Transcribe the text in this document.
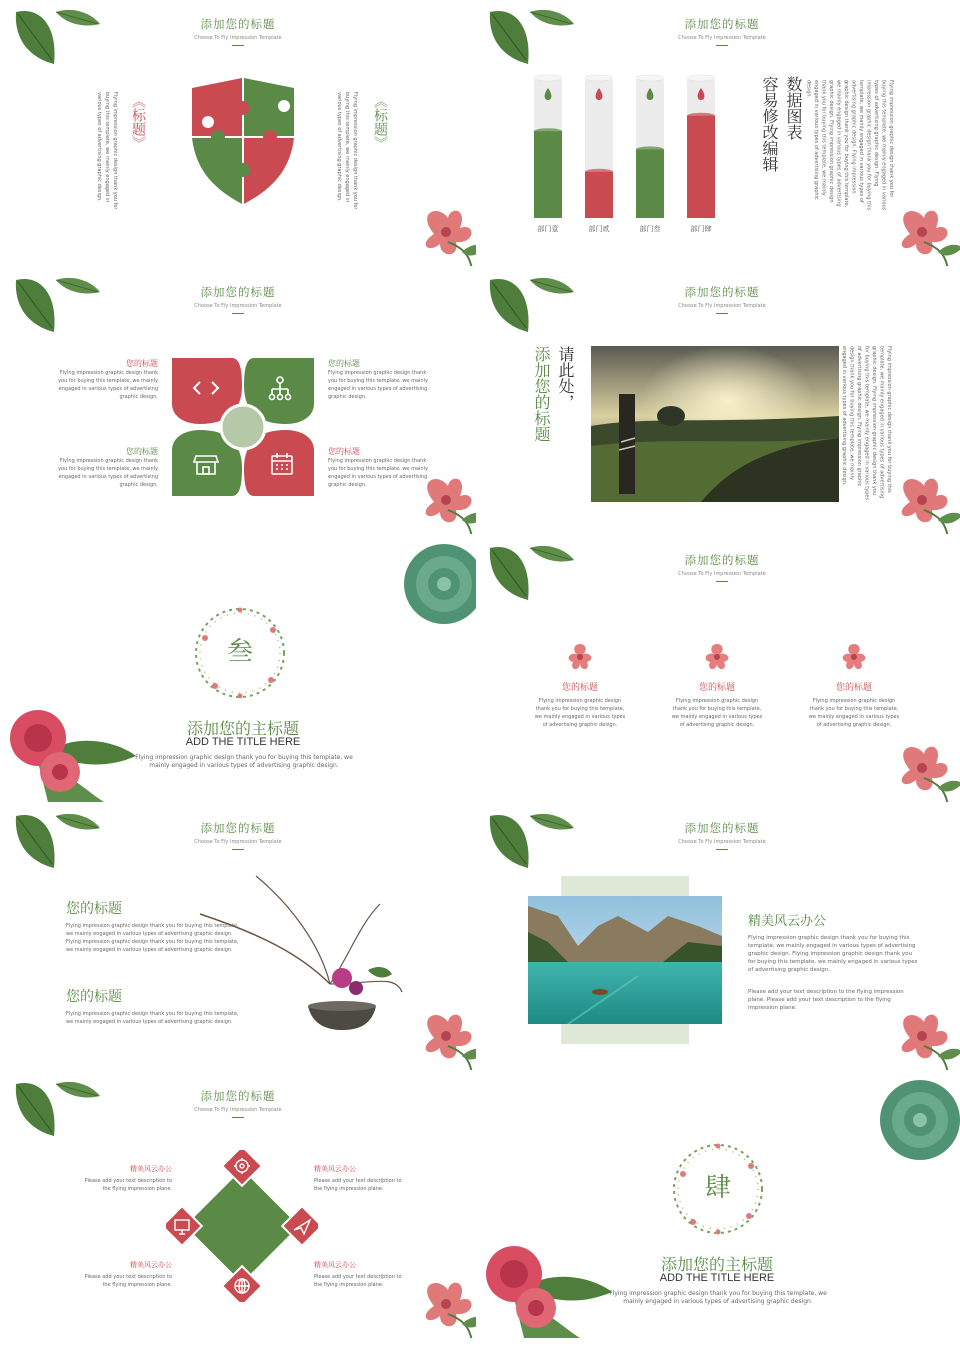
添加您的标题
Choose To Fly Impression Template
《标题》
Flying impression graphic design thank you for buying this template, we mainly engaged in various types of advertising graphic design.	《标题》
Flying impression graphic design thank you for buying this template, we mainly engaged in various types of advertising graphic design.
添加您的标题
Choose To Fly Impression Template
部门壹	部门贰	部门叁	部门肆
数据图表
容易修改编辑	Flying impression graphic design thank you for buying this template, we mainly engaged in various types of advertising graphic design. Flying impression graphic design thank you for buying this template, we mainly engaged in various types of advertising graphic design. Flying impression graphic design thank you for buying this template, we mainly engaged in various types of advertising graphic design. Flying impression graphic design thank you for buying this template, we mainly engaged in various types of advertising graphic design.
添加您的标题
Choose To Fly Impression Template
您的标题
Flying impression graphic design thank you for buying this template, we mainly engaged in various types of advertising graphic design.
您的标题
Flying impression graphic design thank you for buying this template, we mainly engaged in various types of advertising graphic design.
您的标题
Flying impression graphic design thank you for buying this template, we mainly engaged in various types of advertising graphic design.
您的标题
Flying impression graphic design thank you for buying this template, we mainly engaged in various types of advertising graphic design.
添加您的标题
Choose To Fly Impression Template
请此处，
添加您的标题	Flying impression graphic design thank you for buying this template, we mainly engaged in various types of advertising graphic design. Flying impression graphic design thank you for buying this template, we mainly engaged in various types of advertising graphic design. Flying impression graphic design thank you for buying this template, we mainly engaged in various types of advertising graphic design.
叁
添加您的主标题
ADD THE TITLE HERE
Flying impression graphic design thank you for buying this template, we mainly engaged in various types of advertising graphic design.
添加您的标题
Choose To Fly Impression Template
您的标题
Flying impression graphic design thank you for buying this template, we mainly engaged in various types of advertising graphic design.
您的标题
Flying impression graphic design thank you for buying this template, we mainly engaged in various types of advertising graphic design.
您的标题
Flying impression graphic design thank you for buying this template, we mainly engaged in various types of advertising graphic design.
添加您的标题
Choose To Fly Impression Template
您的标题
Flying impression graphic design thank you for buying this template, we mainly engaged in various types of advertising graphic design. Flying impression graphic design thank you for buying this template, we mainly engaged in various types of advertising graphic design.
您的标题
Flying impression graphic design thank you for buying this template, we mainly engaged in various types of advertising graphic design.
添加您的标题
Choose To Fly Impression Template
精美风云办公
Flying impression graphic design thank you for buying this template, we mainly engaged in various types of advertising graphic design. Flying impression graphic design thank you for buying this template, we mainly engaged in various types of advertising graphic design.
Please add your text description to the flying impression plane. Please add your text description to the flying impression plane.
添加您的标题
Choose To Fly Impression Template
精美风云办公
Please add your text description to the flying impression plane.
精美风云办公
Please add your text description to the flying impression plane.
精美风云办公
Please add your text description to the flying impression plane.
精美风云办公
Please add your text description to the flying impression plane.
肆
添加您的主标题
ADD THE TITLE HERE
Flying impression graphic design thank you for buying this template, we mainly engaged in various types of advertising graphic design.
